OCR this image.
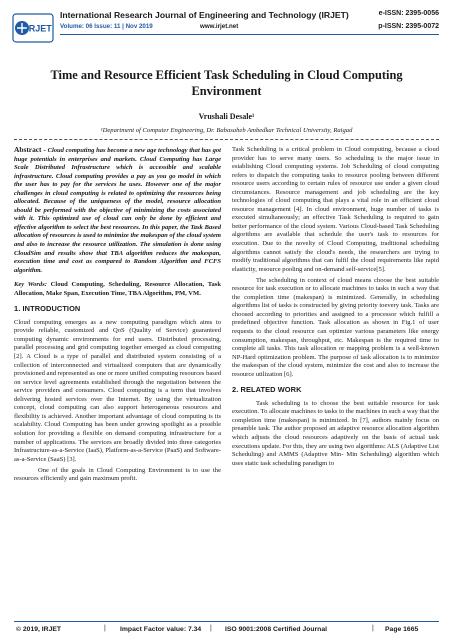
IRJET
International Research Journal of Engineering and Technology (IRJET)
Volume: 06 Issue: 11 | Nov 2019	www.irjet.net
e-ISSN: 2395-0056
p-ISSN: 2395-0072
Time and Resource Efficient Task Scheduling in Cloud Computing Environment
Vrushali Desale¹
¹Department of Computer Engineering, Dr. Babasaheb Ambedkar Technical University, Raigad

Abstract - Cloud computing has become a new age technology that has got huge potentials in enterprises and markets. Cloud Computing has Large Scale Distributed Infrastructure which is accessible and scalable infrastructure. Cloud computing provides a pay as you go model in which the user has to pay for the services he uses. However one of the major challenges in cloud computing is related to optimizing the resources being allocated. Because of the uniqueness of the model, resource allocation should be performed with the objective of minimizing the costs associated with it. This optimized use of cloud can only be done by efficient and effective algorithm to select the best resources. In this paper, the Task Based allocation of resources is used to minimize the makespan of the cloud system and also to increase the resource utilization. The simulation is done using CloudSim and results show that TBA algorithm reduces the makespan, execution time and cost as compared to Random Algorithm and FCFS algorithm.

Key Words: Cloud Computing, Scheduling, Resource Allocation, Task Allocation, Make Span, Execution Time, TBA Algorithm, PM, VM.

1. INTRODUCTION

Cloud computing emerges as a new computing paradigm which aims to provide reliable, customized and QoS (Quality of Service) guaranteed computing dynamic environments for end users. Distributed processing, parallel processing and grid computing together emerged as cloud computing [2]. A Cloud is a type of parallel and distributed system consisting of a collection of interconnected and virtualized computers that are dynamically provisioned and represented as one or more unified computing resources based on service level agreements established through the negotiation between the service providers and consumers. Cloud computing is a term that involves delivering hosted services over the Internet. By using the virtualization concept, cloud computing can also support heterogeneous resources and flexibility is achieved. Another important advantage of cloud computing is its scalability. Cloud Computing has been under growing spotlight as a possible solution for providing a flexible on demand computing infrastructure for a number of applications. The services are broadly divided into three categories Infrastructure-as-a-Service (IaaS), Platform-as-a-Service (PaaS) and Software-as-a-Service (SaaS) [3].

One of the goals in Cloud Computing Environment is to use the resources efficiently and gain maximum profit.

Task Scheduling is a critical problem in Cloud computing, because a cloud provider has to serve many users. So scheduling is the major issue in establishing Cloud computing systems. Job Scheduling of cloud computing refers to dispatch the computing tasks to resource pooling between different resource users according to certain rules of resource use under a given cloud circumstances. Resource management and job scheduling are the key technologies of cloud computing that plays a vital role in an efficient cloud resource management [4]. In cloud environment, huge number of tasks is executed simultaneously; an effective Task Scheduling is required to gain better performance of the cloud system. Various Cloud-based Task Scheduling algorithms are available that schedule the user's task to resources for execution. Due to the novelty of Cloud Computing, traditional scheduling algorithms cannot satisfy the cloud's needs, the researchers are trying to modify traditional algorithms that can fulfil the cloud requirements like rapid elasticity, resource pooling and on-demand self-service[5].

The scheduling in context of cloud means choose the best suitable resource for task execution or to allocate machines to tasks in such a way that the completion time (makespan) is minimized. Generally, in scheduling algorithms list of tasks is constructed by giving priority toevery task. Tasks are choosed according to priorities and assigned to a processor which fulfill a predefined objective function. Task allocation as shown in Fig.1 of user requests to the cloud resource can optimize various parameters like energy consumption, makespan, throughput, etc. Makespan is the required time to complete all tasks. This task allocation or mapping problem is a well-known NP-Hard optimization problem. The purpose of task allocation is to minimize the makespan of the cloud system, minimize the cost and also to increase the resource utilization [6].

2. RELATED WORK

Task scheduling is to choose the best suitable resource for task execution. To allocate machines to tasks to the machines in such a way that the completion time (makespan) is minimized. In [7], authors mainly focus on preamble task. The author proposed an adaptive resource allocation algorithm which adjusts the cloud resources adaptively on the basis of actual task executions update. For this, they are using two algorithms: ALS (Adaptive List Scheduling) and AMMS (Adaptive Min- Min Scheduling) algorithm which uses static task scheduling paradigm to

© 2019, IRJET	| Impact Factor value: 7.34 | ISO 9001:2008 Certified Journal	| Page 1665
